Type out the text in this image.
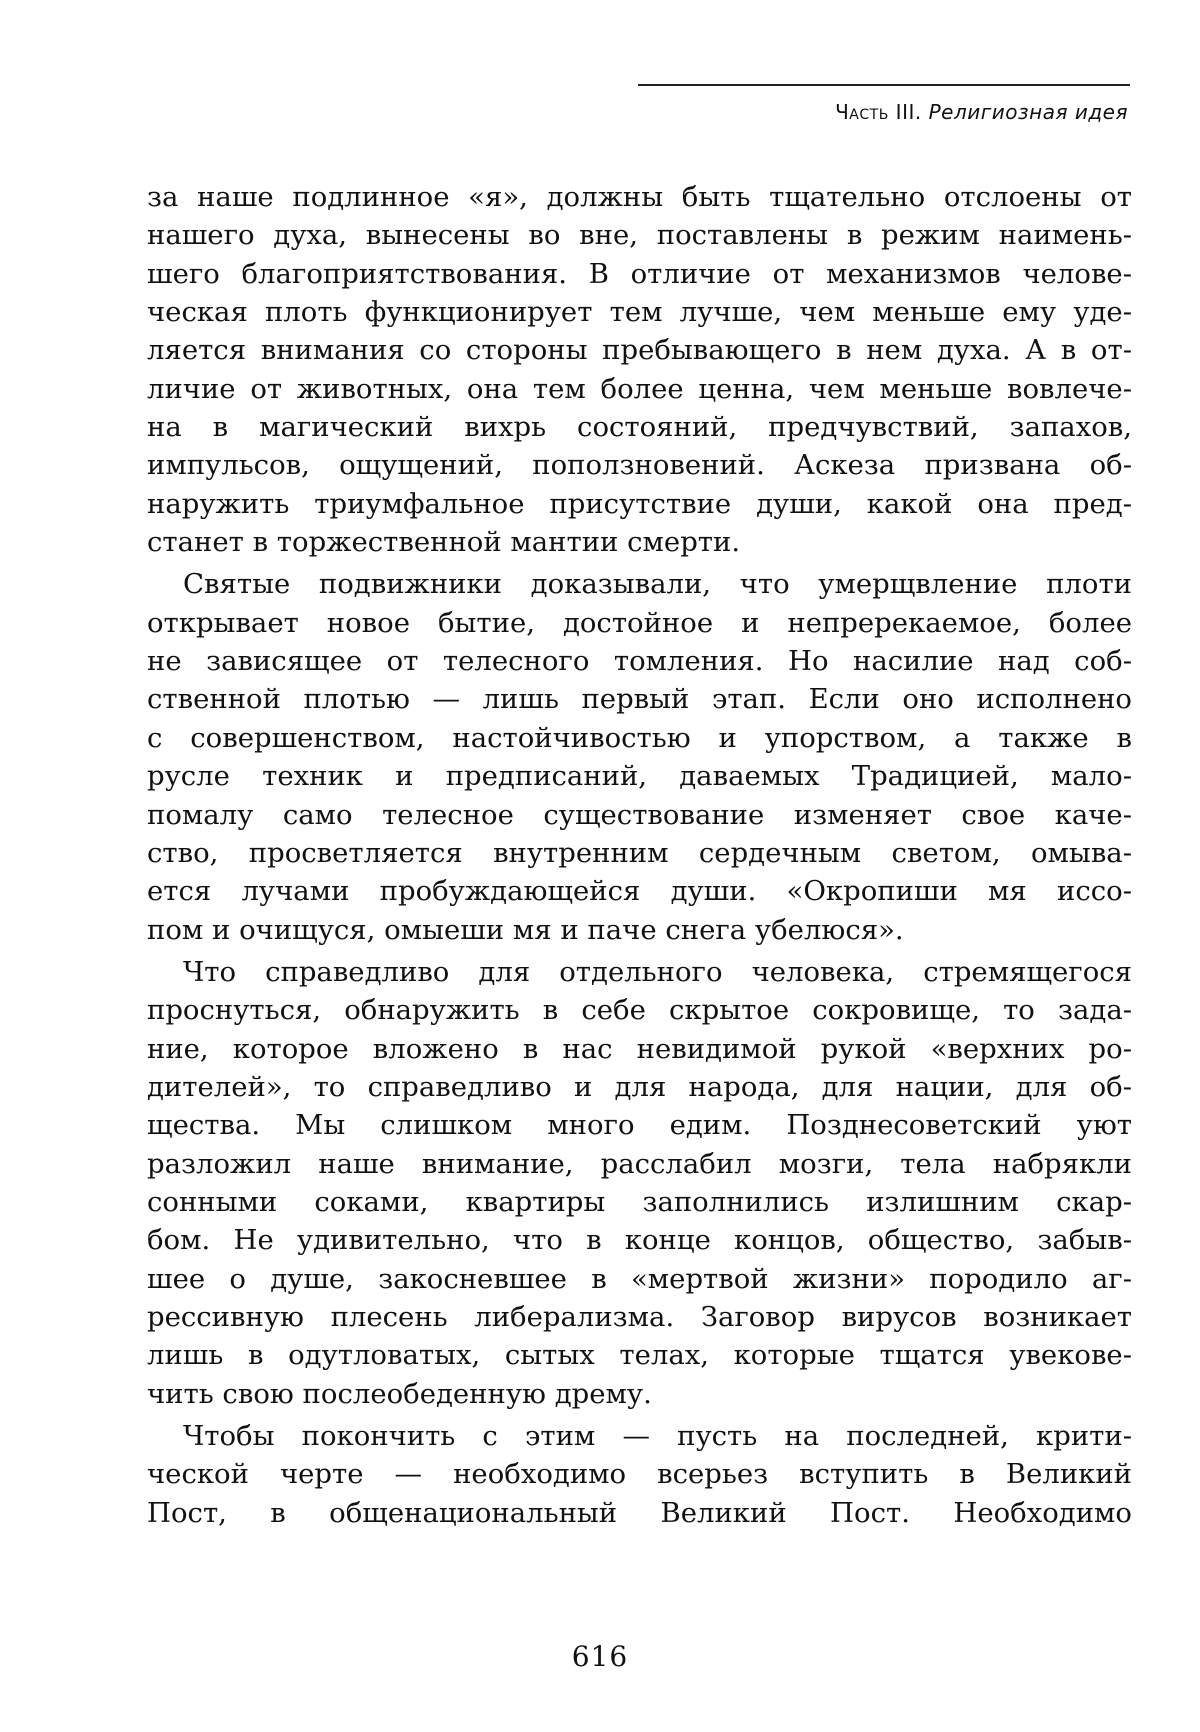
Часть III. Религиозная идея
за наше подлинное «я», должны быть тщательно отслоены от
нашего духа, вынесены во вне, поставлены в режим наимень-
шего благоприятствования. В отличие от механизмов челове-
ческая плоть функционирует тем лучше, чем меньше ему уде-
ляется внимания со стороны пребывающего в нем духа. А в от-
личие от животных, она тем более ценна, чем меньше вовлече-
на в магический вихрь состояний, предчувствий, запахов,
импульсов, ощущений, поползновений. Аскеза призвана об-
наружить триумфальное присутствие души, какой она пред-
станет в торжественной мантии смерти.
Святые подвижники доказывали, что умерщвление плоти
открывает новое бытие, достойное и непререкаемое, более
не зависящее от телесного томления. Но насилие над соб-
ственной плотью — лишь первый этап. Если оно исполнено
с совершенством, настойчивостью и упорством, а также в
русле техник и предписаний, даваемых Традицией, мало-
помалу само телесное существование изменяет свое каче-
ство, просветляется внутренним сердечным светом, омыва-
ется лучами пробуждающейся души. «Окропиши мя иссо-
пом и очищуся, омыеши мя и паче снега убелюся».
Что справедливо для отдельного человека, стремящегося
проснуться, обнаружить в себе скрытое сокровище, то зада-
ние, которое вложено в нас невидимой рукой «верхних ро-
дителей», то справедливо и для народа, для нации, для об-
щества. Мы слишком много едим. Позднесоветский уют
разложил наше внимание, расслабил мозги, тела набрякли
сонными соками, квартиры заполнились излишним скар-
бом. Не удивительно, что в конце концов, общество, забыв-
шее о душе, закосневшее в «мертвой жизни» породило аг-
рессивную плесень либерализма. Заговор вирусов возникает
лишь в одутловатых, сытых телах, которые тщатся увекове-
чить свою послеобеденную дрему.
Чтобы покончить с этим — пусть на последней, крити-
ческой черте — необходимо всерьез вступить в Великий
Пост, в общенациональный Великий Пост. Необходимо
616
